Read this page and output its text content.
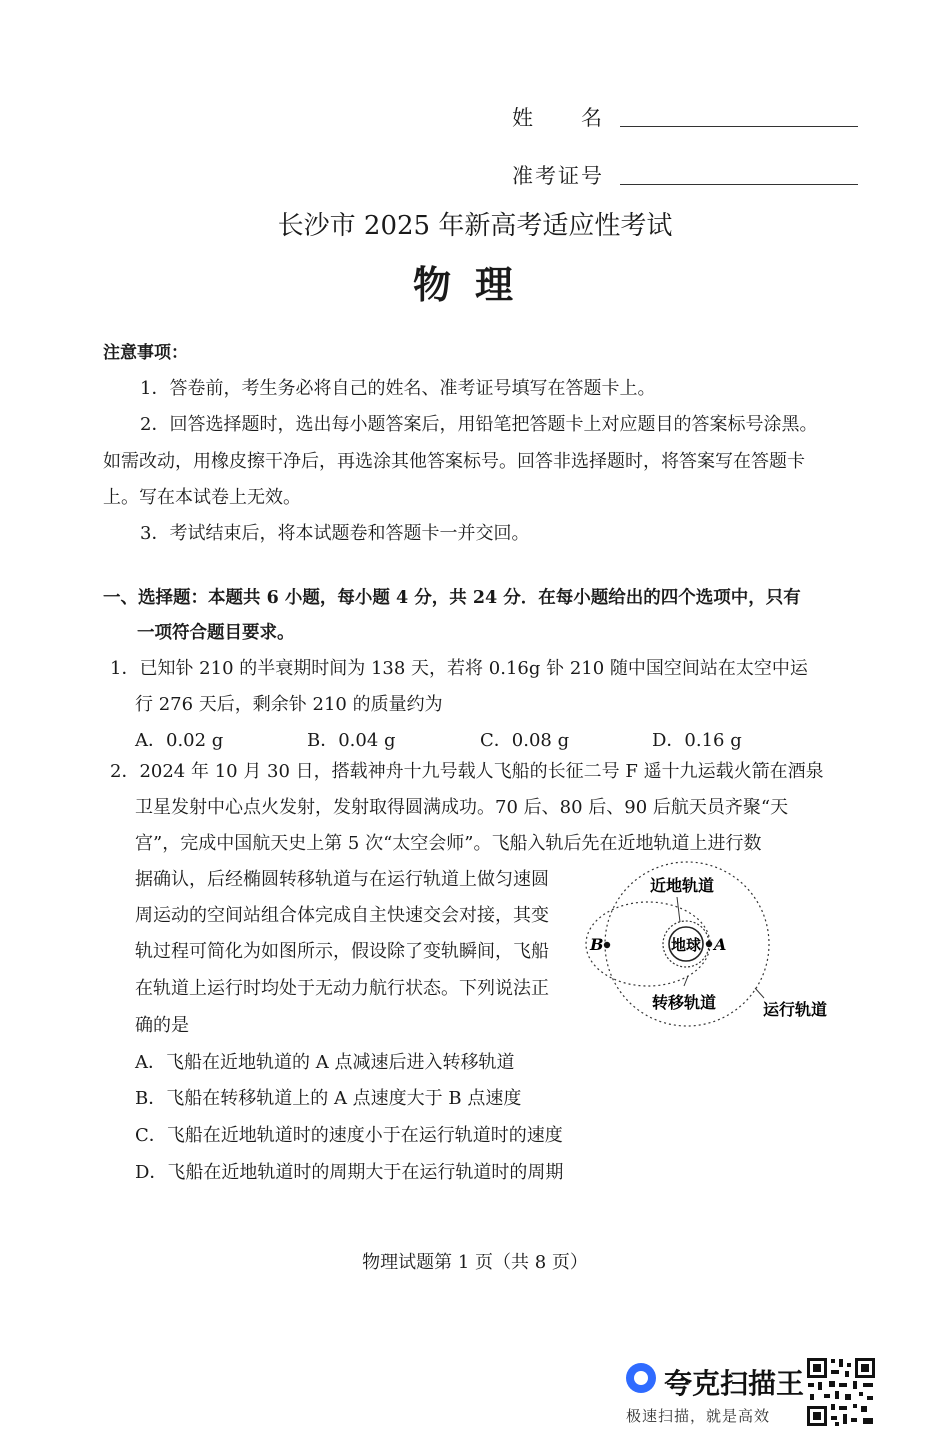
姓　　名
准考证号
长沙市 2025 年新高考适应性考试
物理
注意事项：
1．答卷前，考生务必将自己的姓名、准考证号填写在答题卡上。
2．回答选择题时，选出每小题答案后，用铅笔把答题卡上对应题目的答案标号涂黑。
如需改动，用橡皮擦干净后，再选涂其他答案标号。回答非选择题时，将答案写在答题卡
上。写在本试卷上无效。
3．考试结束后，将本试题卷和答题卡一并交回。
一、选择题：本题共 6 小题，每小题 4 分，共 24 分．在每小题给出的四个选项中，只有
一项符合题目要求。
1．已知钋 210 的半衰期时间为 138 天，若将 0.16g 钋 210 随中国空间站在太空中运
行 276 天后，剩余钋 210 的质量约为
A．0.02 g	B．0.04 g	C．0.08 g	D．0.16 g
2．2024 年 10 月 30 日，搭载神舟十九号载人飞船的长征二号 F 遥十九运载火箭在酒泉
卫星发射中心点火发射，发射取得圆满成功。70 后、80 后、90 后航天员齐聚“天
宫”，完成中国航天史上第 5 次“太空会师”。飞船入轨后先在近地轨道上进行数
据确认，后经椭圆转移轨道与在运行轨道上做匀速圆
周运动的空间站组合体完成自主快速交会对接，其变
轨过程可简化为如图所示，假设除了变轨瞬间，飞船
在轨道上运行时均处于无动力航行状态。下列说法正
确的是
A．飞船在近地轨道的 A 点减速后进入转移轨道
B．飞船在转移轨道上的 A 点速度大于 B 点速度
C．飞船在近地轨道时的速度小于在运行轨道时的速度
D．飞船在近地轨道时的周期大于在运行轨道时的周期
近地轨道
地球 A
B
转移轨道	运行轨道
物理试题第 1 页（共 8 页）
夸克扫描王
极速扫描，就是高效
